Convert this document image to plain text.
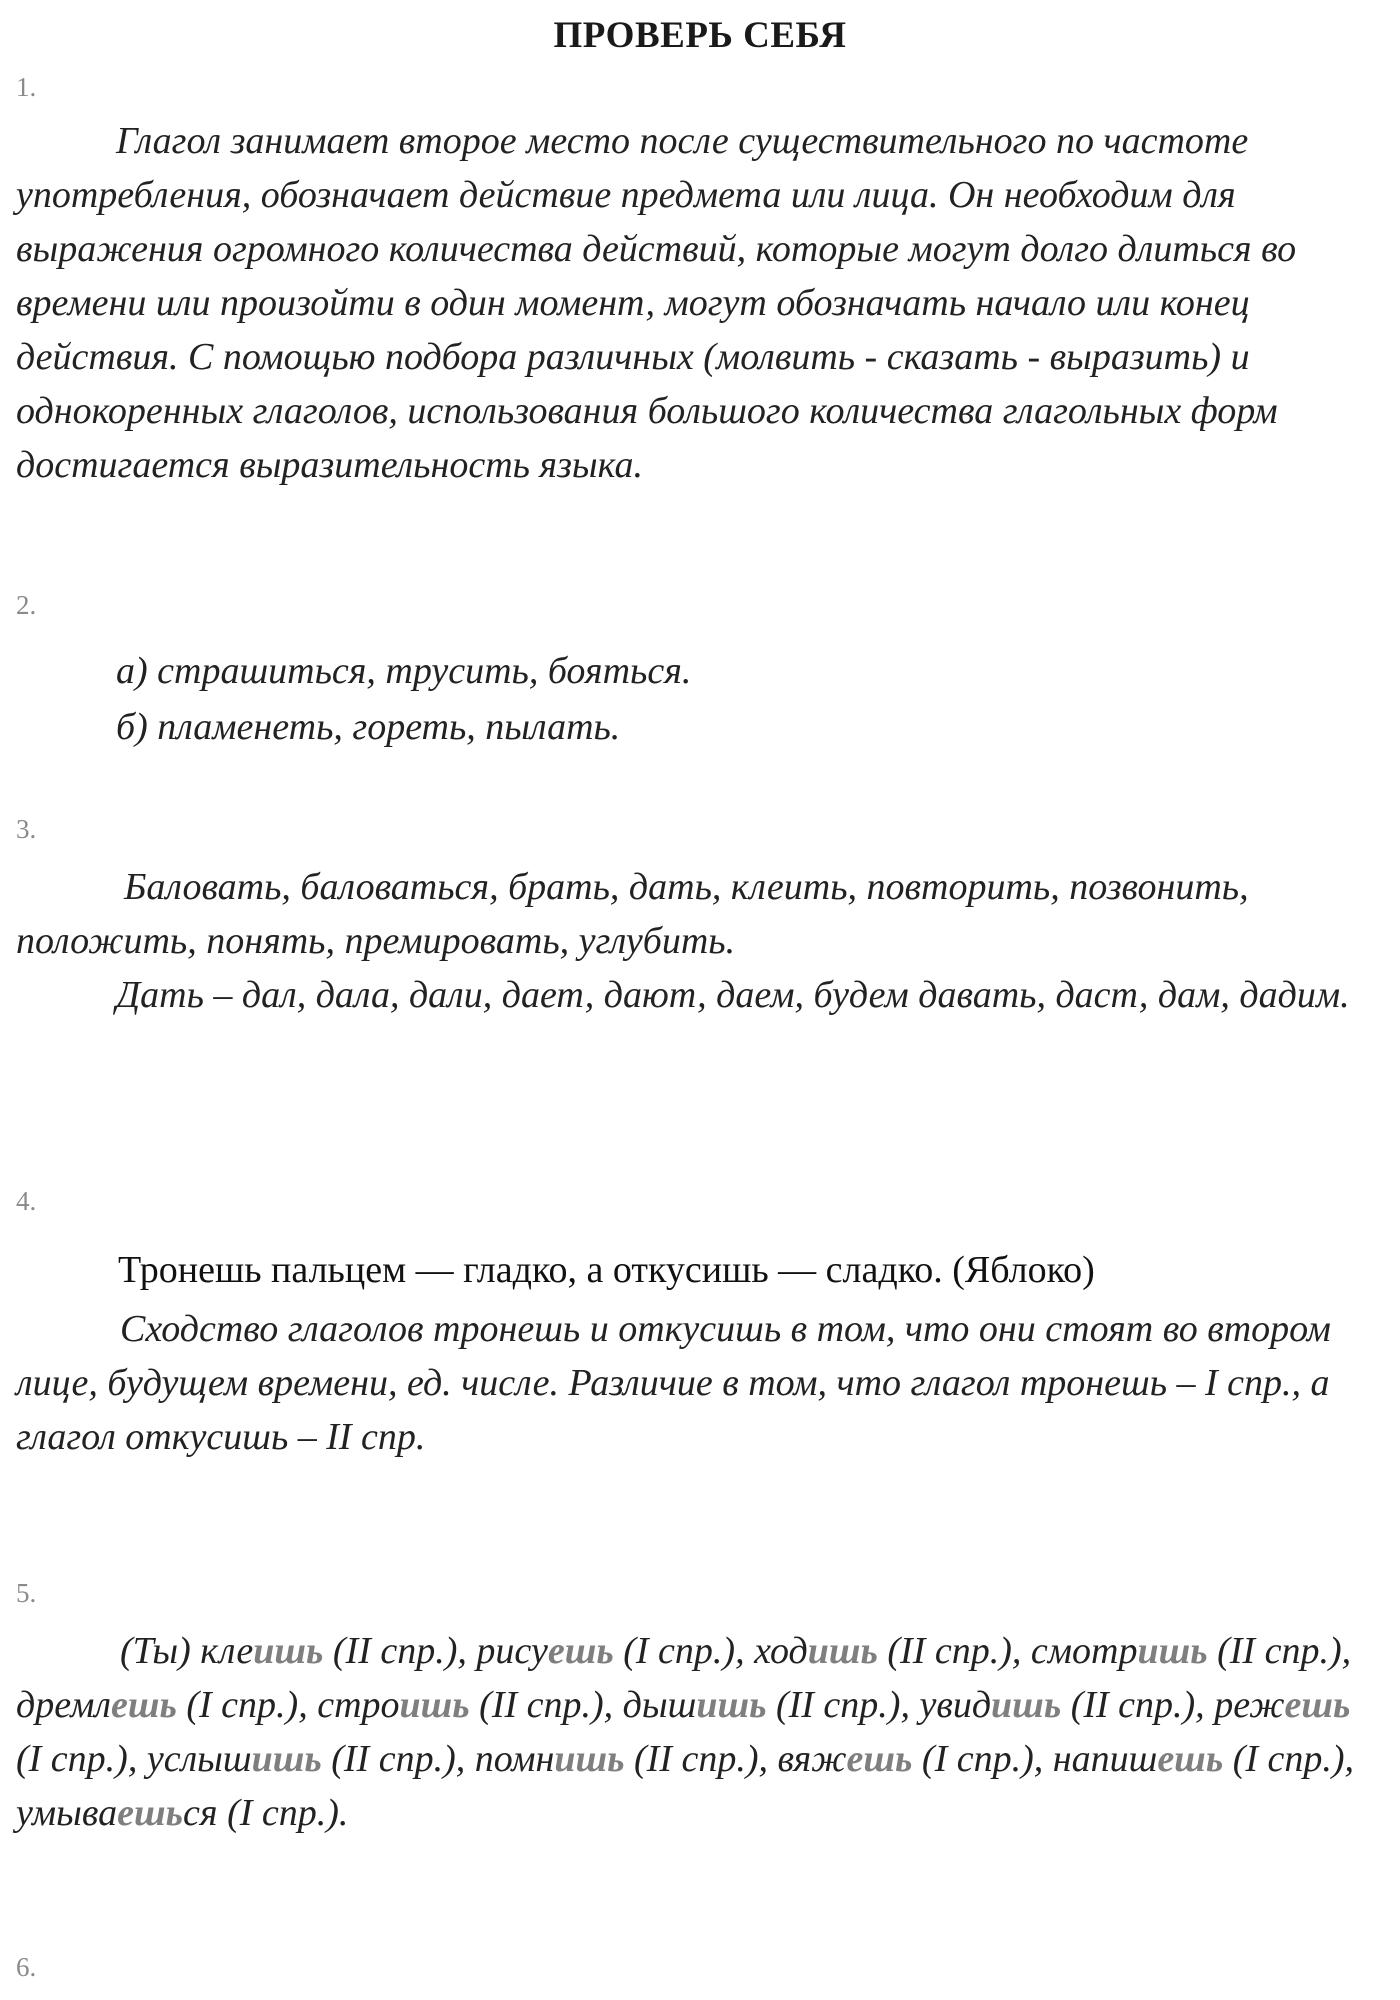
ПРОВЕРЬ СЕБЯ
1.

Глагол занимает второе место после существительного по частоте употребления, обозначает действие предмета или лица. Он необходим для выражения огромного количества действий, которые могут долго длиться во времени или произойти в один момент, могут обозначать начало или конец действия. С помощью подбора различных (молвить - сказать - выразить) и однокоренных глаголов, использования большого количества глагольных форм достигается выразительность языка.

2.
а) страшиться, трусить, бояться.
б) пламенеть, гореть, пылать.
3.

Баловать, баловаться, брать, дать, клеить, повторить, позвонить, положить, понять, премировать, углубить.

Дать – дал, дала, дали, дает, дают, даем, будем давать, даст, дам, дадим.

4.
Тронешь пальцем — гладко, а откусишь — сладко. (Яблоко)

Сходство глаголов тронешь и откусишь в том, что они стоят во втором лице, будущем времени, ед. числе. Различие в том, что глагол тронешь – I спр., а глагол откусишь – II спр.

5.

(Ты) клеишь (II спр.), рисуешь (I спр.), ходишь (II спр.), смотришь (II спр.), дремлешь (I спр.), строишь (II спр.), дышишь (II спр.), увидишь (II спр.), режешь (I спр.), услышишь (II спр.), помнишь (II спр.), вяжешь (I спр.), напишешь (I спр.), умываешься (I спр.).

6.
